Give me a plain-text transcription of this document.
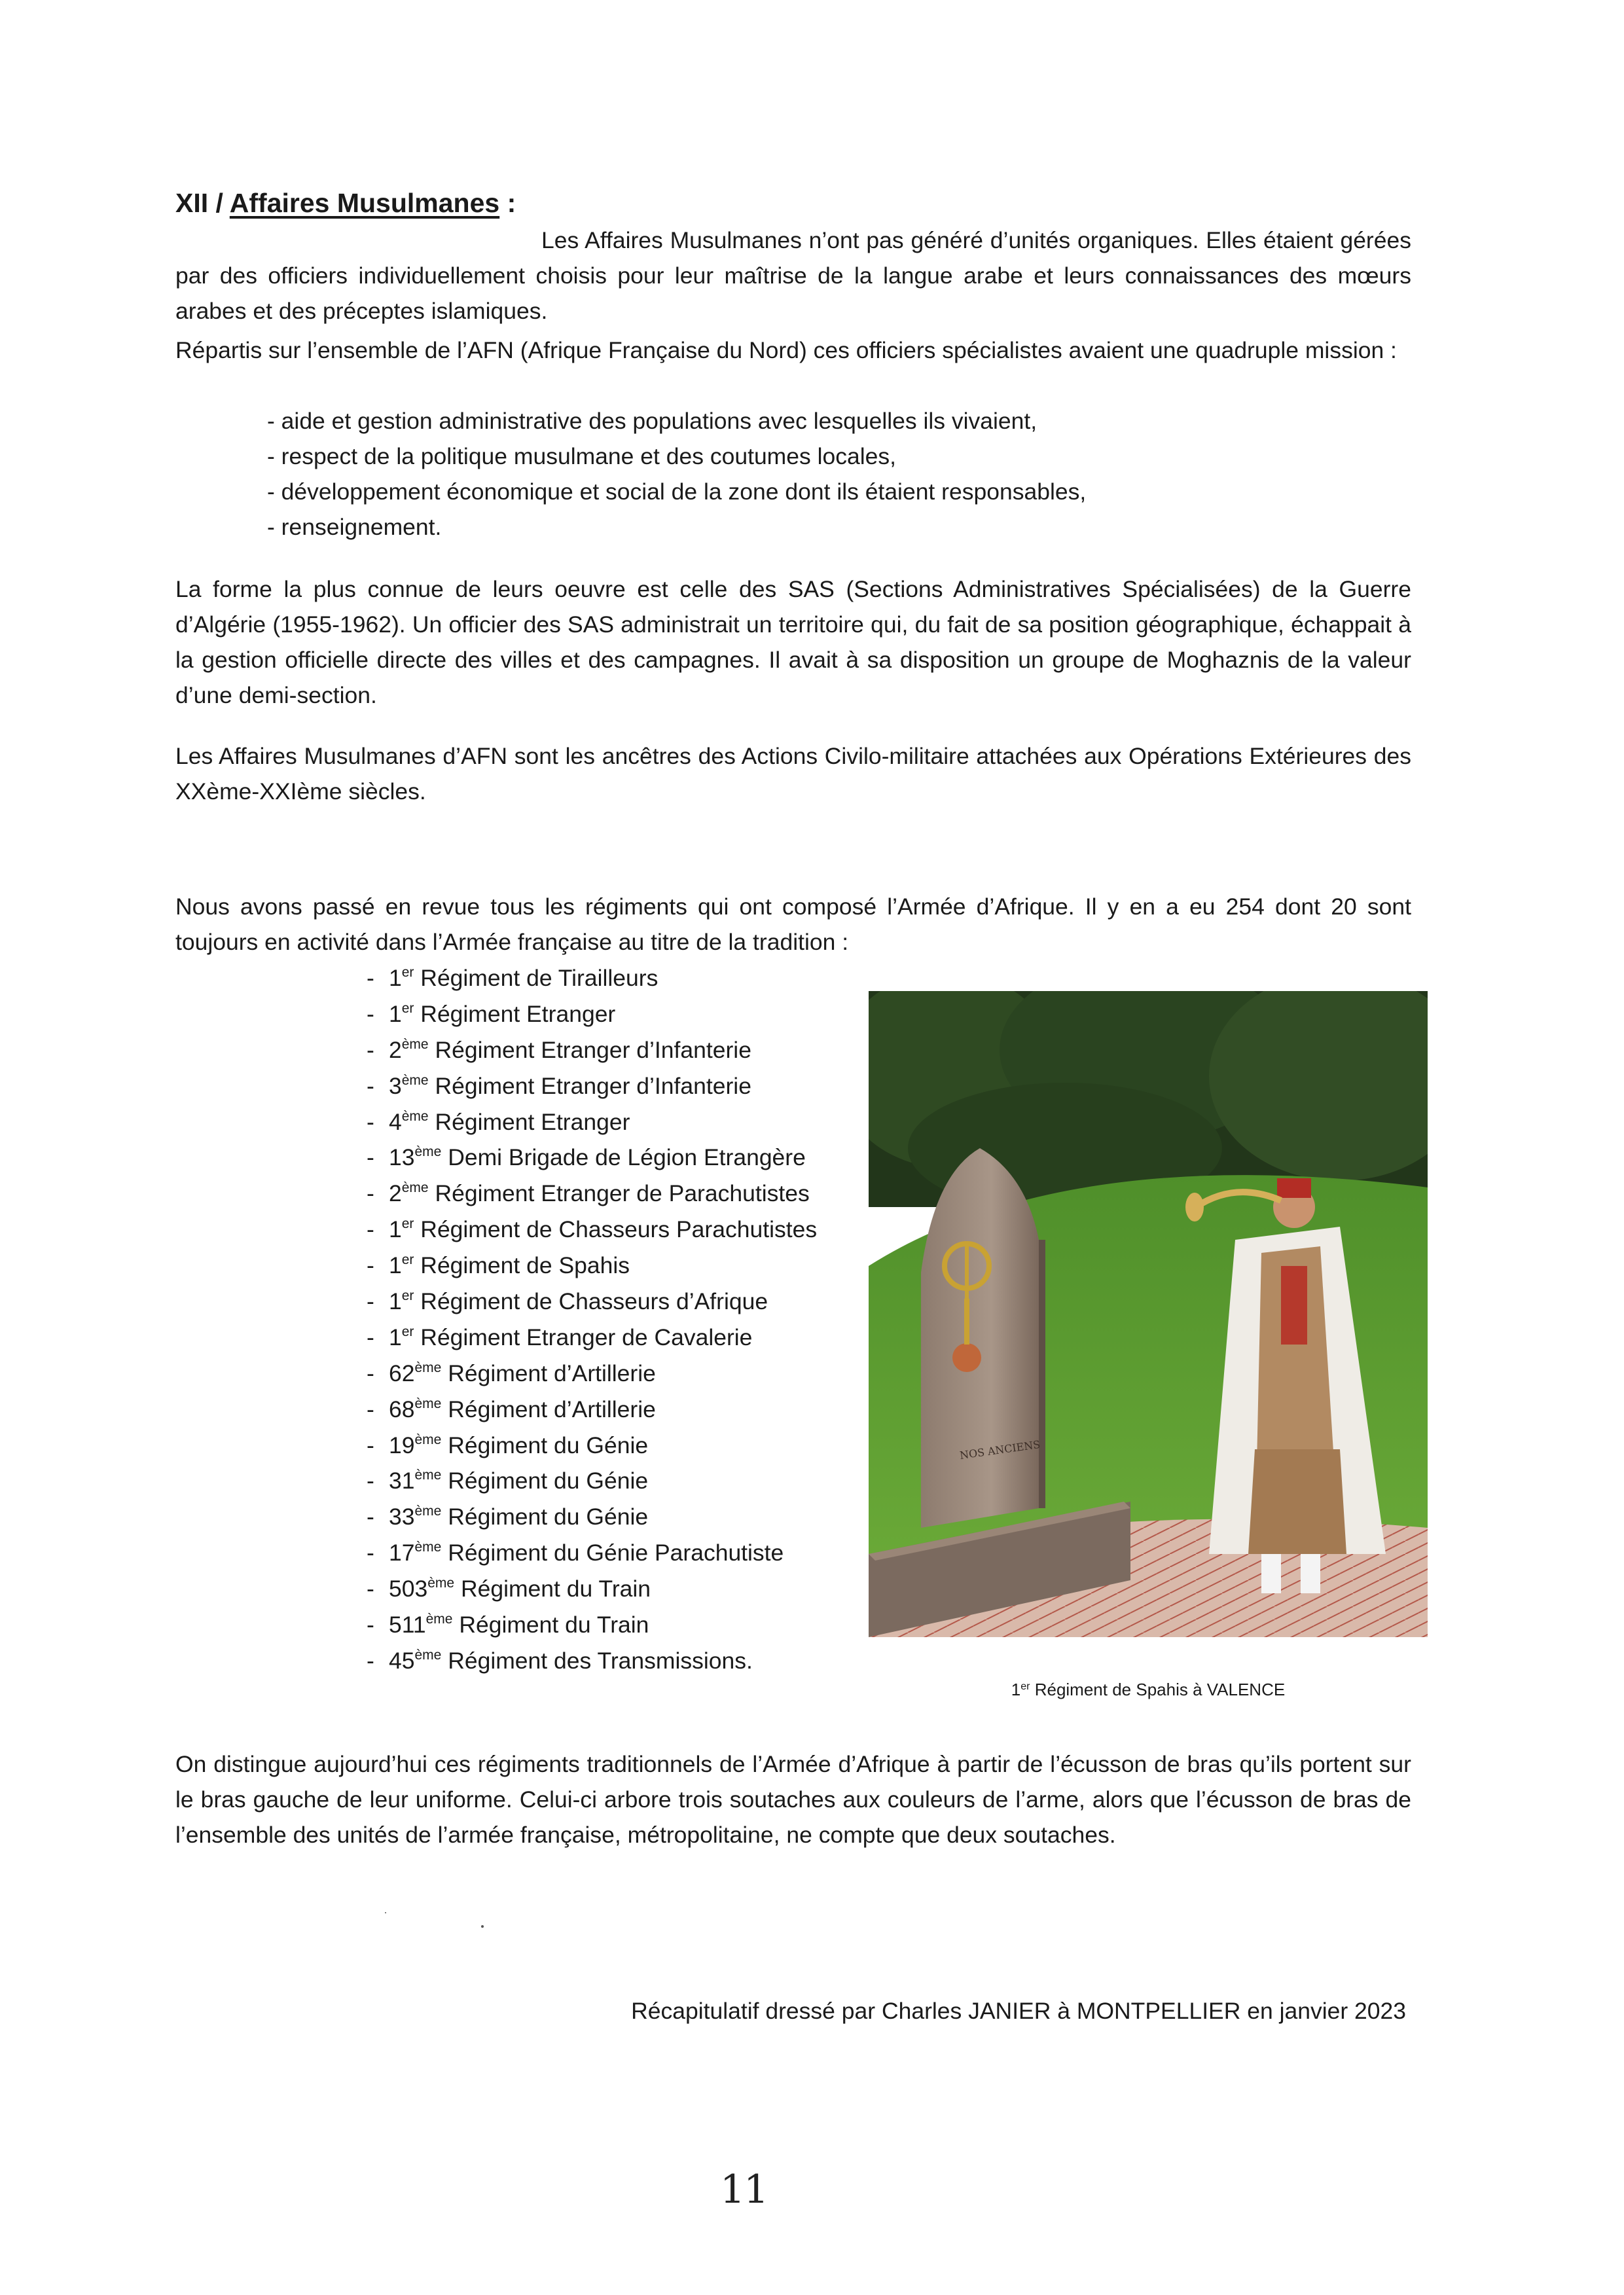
XII / Affaires Musulmanes :

Les Affaires Musulmanes n’ont pas généré d’unités organiques. Elles étaient gérées par des officiers individuellement choisis pour leur maîtrise de la langue arabe et leurs connaissances des mœurs arabes et des préceptes islamiques.

Répartis sur l’ensemble de l’AFN (Afrique Française du Nord) ces officiers spécialistes avaient une quadruple mission :

- aide et gestion administrative des populations avec lesquelles ils vivaient,
- respect de la politique musulmane et des coutumes locales,
- développement économique et social de la zone dont ils étaient responsables,
- renseignement.

La forme la plus connue de leurs oeuvre est celle des SAS (Sections Administratives Spécialisées) de la Guerre d’Algérie (1955-1962). Un officier des SAS administrait un territoire qui, du fait de sa position géographique, échappait à la gestion officielle directe des villes et des campagnes. Il avait à sa disposition un groupe de Moghaznis de la valeur d’une demi-section.

Les Affaires Musulmanes d’AFN sont les ancêtres des Actions Civilo-militaire attachées aux Opérations Extérieures des XXème-XXIème siècles.

Nous avons passé en revue tous les régiments qui ont composé l’Armée d’Afrique. Il y en a eu 254 dont 20 sont toujours en activité dans l’Armée française au titre de la tradition :

- 1er Régiment de Tirailleurs
- 1er Régiment Etranger
- 2ème Régiment Etranger d’Infanterie
- 3ème Régiment Etranger d’Infanterie
- 4ème Régiment Etranger
- 13ème Demi Brigade de Légion Etrangère
- 2ème Régiment Etranger de Parachutistes
- 1er Régiment de Chasseurs Parachutistes
- 1er Régiment de Spahis
- 1er Régiment de Chasseurs d’Afrique
- 1er Régiment Etranger de Cavalerie
- 62ème Régiment d’Artillerie
- 68ème Régiment d’Artillerie
- 19ème Régiment du Génie
- 31ème Régiment du Génie
- 33ème Régiment du Génie
- 17ème Régiment du Génie Parachutiste
- 503ème Régiment du Train
- 511ème Régiment du Train
- 45ème Régiment des Transmissions.
NOS ANCIENS
1er Régiment de Spahis à VALENCE

On distingue aujourd’hui ces régiments traditionnels de l’Armée d’Afrique à partir de l’écusson de bras qu’ils portent sur le bras gauche de leur uniforme. Celui-ci arbore trois soutaches aux couleurs de l’arme, alors que l’écusson de bras de l’ensemble des unités de l’armée française, métropolitaine, ne compte que deux soutaches.

Récapitulatif dressé par Charles JANIER à MONTPELLIER en janvier 2023
11
